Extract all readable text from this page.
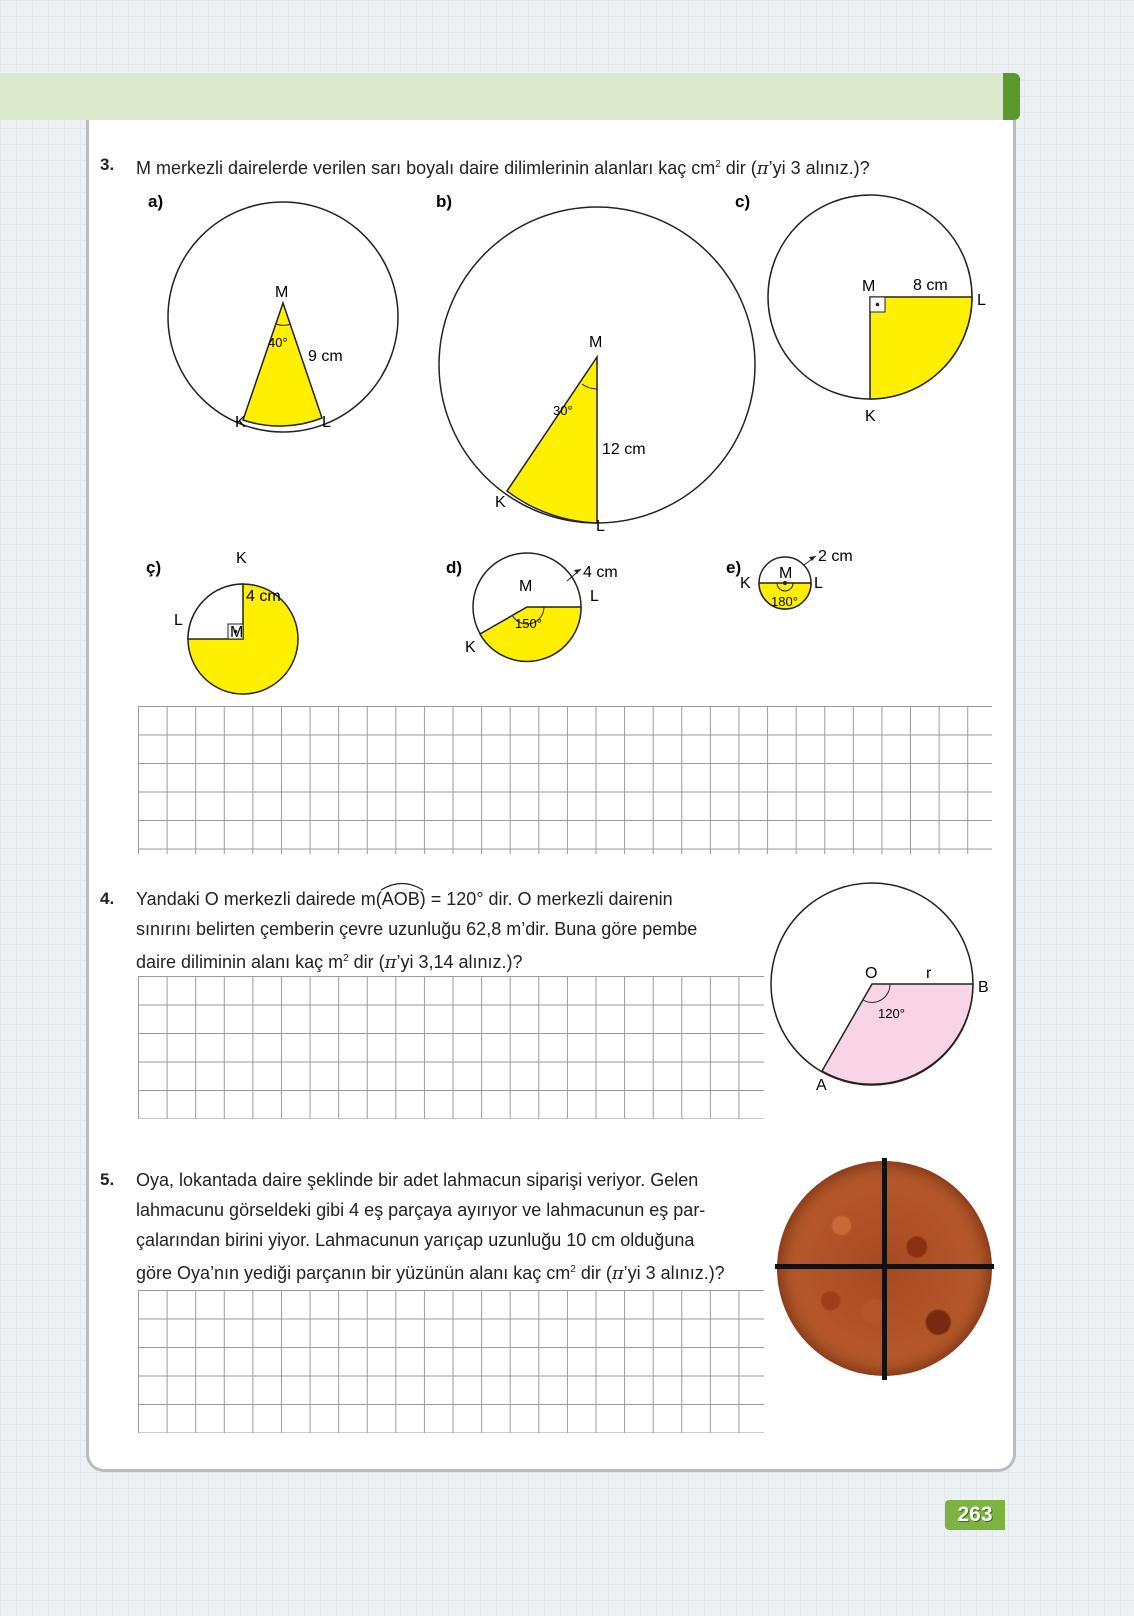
3. M merkezli dairelerde verilen sarı boyalı daire dilimlerinin alanları kaç $cm^2$ dir (π’yi 3 alınız.)?
a)
M
40°
9 cm
K	L
b)
M
30°
12 cm
K
L
c)
M 8 cm
L
K
ç)	K
4 cm
L
M
d)
M
4 cm
L
150°
K
e)
2 cm
M
K	L
180°
4. Yandaki O merkezli dairede m(AOB
) = 120° dir. O merkezli dairenin
sınırını belirten çemberin çevre uzunluğu 62,8 m’dir. Buna göre pembe
daire diliminin alanı kaç $m^2$ dir (π’yi 3,14 alınız.)?
O	r
B
120°
A
5. Oya, lokantada daire şeklinde bir adet lahmacun siparişi veriyor. Gelen
lahmacunu görseldeki gibi 4 eş parçaya ayırıyor ve lahmacunun eş par-
çalarından birini yiyor. Lahmacunun yarıçap uzunluğu 10 cm olduğuna
göre Oya’nın yediği parçanın bir yüzünün alanı kaç $cm^2$ dir (π’yi 3 alınız.)?
263
